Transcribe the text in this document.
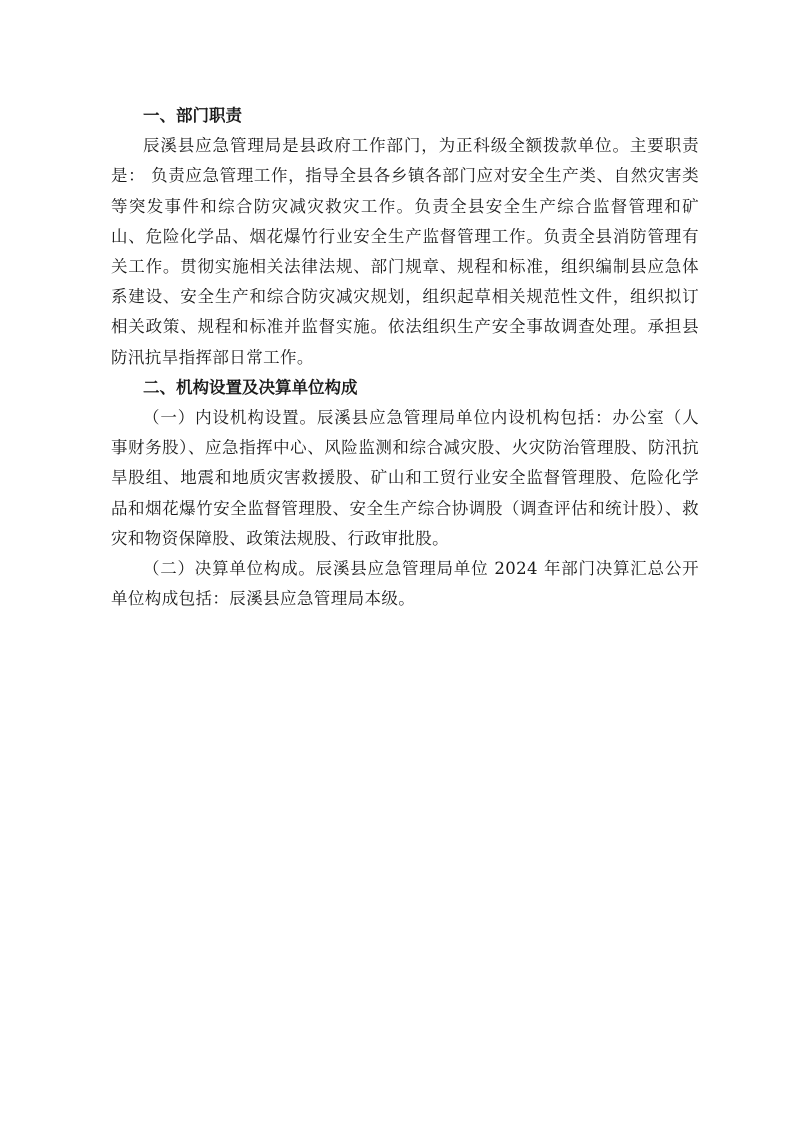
一、部门职责

辰溪县应急管理局是县政府工作部门，为正科级全额拨款单位。主要职责是： 负责应急管理工作，指导全县各乡镇各部门应对安全生产类、自然灾害类等突发事件和综合防灾减灾救灾工作。负责全县安全生产综合监督管理和矿山、危险化学品、烟花爆竹行业安全生产监督管理工作。负责全县消防管理有关工作。贯彻实施相关法律法规、部门规章、规程和标准，组织编制县应急体系建设、安全生产和综合防灾减灾规划，组织起草相关规范性文件，组织拟订相关政策、规程和标准并监督实施。依法组织生产安全事故调查处理。承担县防汛抗旱指挥部日常工作。

二、机构设置及决算单位构成

（一）内设机构设置。辰溪县应急管理局单位内设机构包括：办公室（人事财务股）、应急指挥中心、风险监测和综合减灾股、火灾防治管理股、防汛抗旱股组、地震和地质灾害救援股、矿山和工贸行业安全监督管理股、危险化学品和烟花爆竹安全监督管理股、安全生产综合协调股（调查评估和统计股）、救灾和物资保障股、政策法规股、行政审批股。

（二）决算单位构成。辰溪县应急管理局单位 2024 年部门决算汇总公开单位构成包括：辰溪县应急管理局本级。
